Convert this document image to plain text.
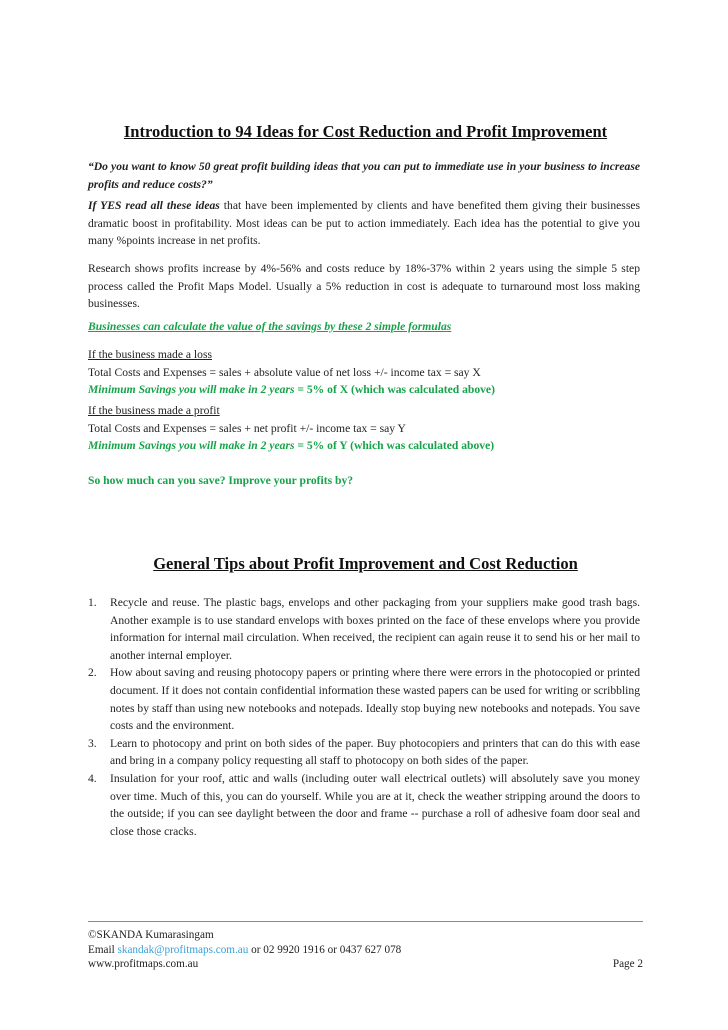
Introduction to 94 Ideas for Cost Reduction and Profit Improvement
“Do you want to know 50 great profit building ideas that you can put to immediate use in your business to increase profits and reduce costs?”
If YES read all these ideas that have been implemented by clients and have benefited them giving their businesses dramatic boost in profitability. Most ideas can be put to action immediately. Each idea has the potential to give you many %points increase in net profits.
Research shows profits increase by 4%-56% and costs reduce by 18%-37% within 2 years using the simple 5 step process called the Profit Maps Model. Usually a 5% reduction in cost is adequate to turnaround most loss making businesses.
Businesses can calculate the value of the savings by these 2 simple formulas
If the business made a loss
Total Costs and Expenses = sales + absolute value of net loss +/- income tax = say X
Minimum Savings you will make in 2 years = 5% of X (which was calculated above)
If the business made a profit
Total Costs and Expenses = sales + net profit +/- income tax = say Y
Minimum Savings you will make in 2 years = 5% of Y (which was calculated above)
So how much can you save? Improve your profits by?
General Tips about Profit Improvement and Cost Reduction
1. Recycle and reuse. The plastic bags, envelops and other packaging from your suppliers make good trash bags. Another example is to use standard envelops with boxes printed on the face of these envelops where you provide information for internal mail circulation. When received, the recipient can again reuse it to send his or her mail to another internal employer.
2. How about saving and reusing photocopy papers or printing where there were errors in the photocopied or printed document. If it does not contain confidential information these wasted papers can be used for writing or scribbling notes by staff than using new notebooks and notepads. Ideally stop buying new notebooks and notepads. You save costs and the environment.
3. Learn to photocopy and print on both sides of the paper. Buy photocopiers and printers that can do this with ease and bring in a company policy requesting all staff to photocopy on both sides of the paper.
4. Insulation for your roof, attic and walls (including outer wall electrical outlets) will absolutely save you money over time. Much of this, you can do yourself. While you are at it, check the weather stripping around the doors to the outside; if you can see daylight between the door and frame -- purchase a roll of adhesive foam door seal and close those cracks.
©SKANDA Kumarasingam
Email skandak@profitmaps.com.au or 02 9920 1916 or 0437 627 078
www.profitmaps.com.au	Page 2
